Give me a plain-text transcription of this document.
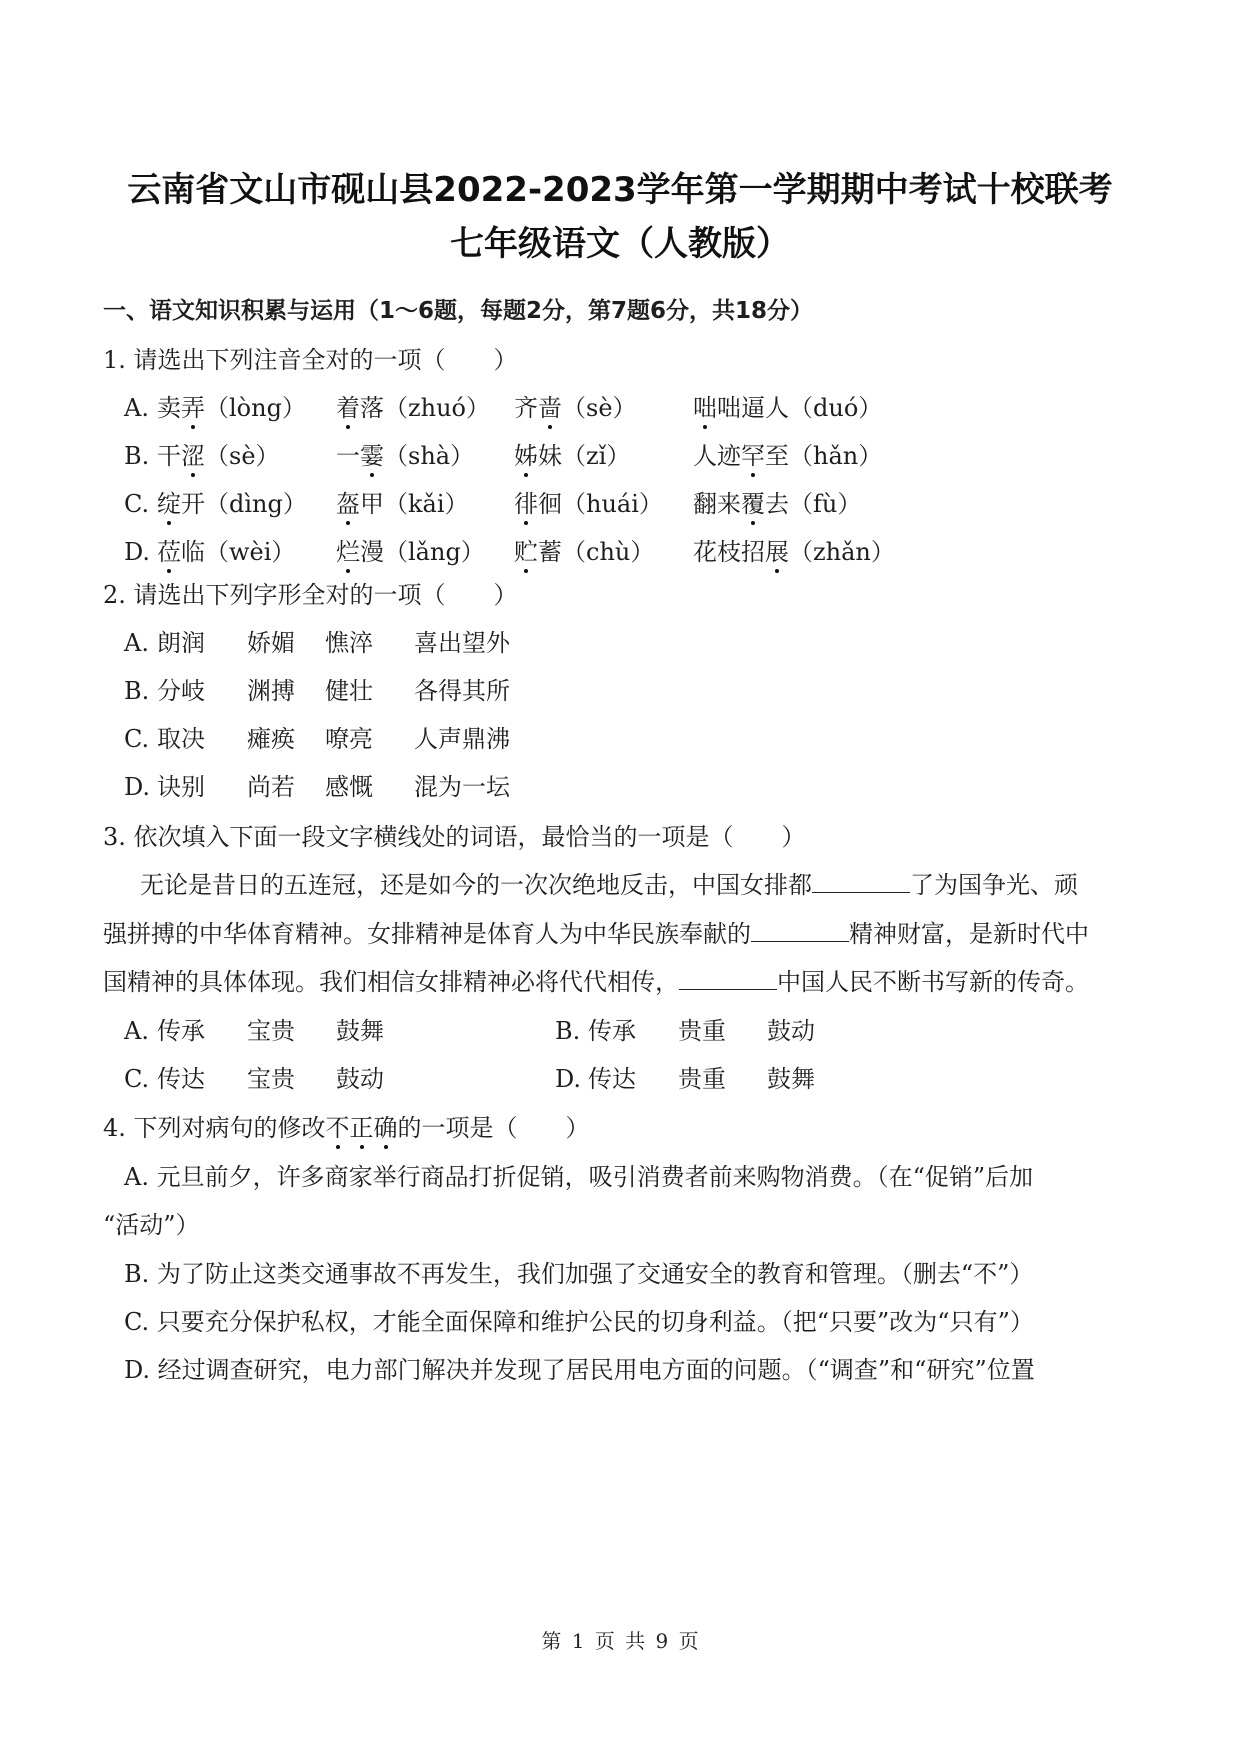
云南省文山市砚山县2022-2023学年第一学期期中考试十校联考
七年级语文（人教版）
一、语文知识积累与运用（1～6题，每题2分，第7题6分，共18分）
1. 请选出下列注音全对的一项（　　）
A. 卖弄（lòng） 着落（zhuó） 齐啬（sè） 咄咄逼人（duó）
B. 干涩（sè） 一霎（shà） 姊妹（zǐ）	人迹罕至（hǎn）
C. 绽开（dìng） 盔甲（kǎi） 徘徊（huái） 翻来覆去（fù）
D. 莅临（wèi） 烂漫（lǎng） 贮蓄（chù） 花枝招展（zhǎn）
2. 请选出下列字形全对的一项（　　）
A. 朗润 娇媚 憔淬 喜出望外
B. 分岐 渊搏 健壮 各得其所
C. 取决 瘫痪 嘹亮 人声鼎沸
D. 诀别 尚若 感慨 混为一坛
3. 依次填入下面一段文字横线处的词语，最恰当的一项是（　　）
无论是昔日的五连冠，还是如今的一次次绝地反击，中国女排都	了为国争光、顽
强拼搏的中华体育精神。女排精神是体育人为中华民族奉献的	精神财富，是新时代中
国精神的具体体现。我们相信女排精神必将代代相传，	中国人民不断书写新的传奇。
A. 传承 宝贵 鼓舞	B. 传承 贵重 鼓动
C. 传达 宝贵 鼓动	D. 传达 贵重 鼓舞
4. 下列对病句的修改不正确的一项是（　　）
A. 元旦前夕，许多商家举行商品打折促销，吸引消费者前来购物消费。（在“促销”后加
“活动”）
B. 为了防止这类交通事故不再发生，我们加强了交通安全的教育和管理。（删去“不”）
C. 只要充分保护私权，才能全面保障和维护公民的切身利益。（把“只要”改为“只有”）
D. 经过调查研究，电力部门解决并发现了居民用电方面的问题。（“调查”和“研究”位置
第 1 页 共 9 页
